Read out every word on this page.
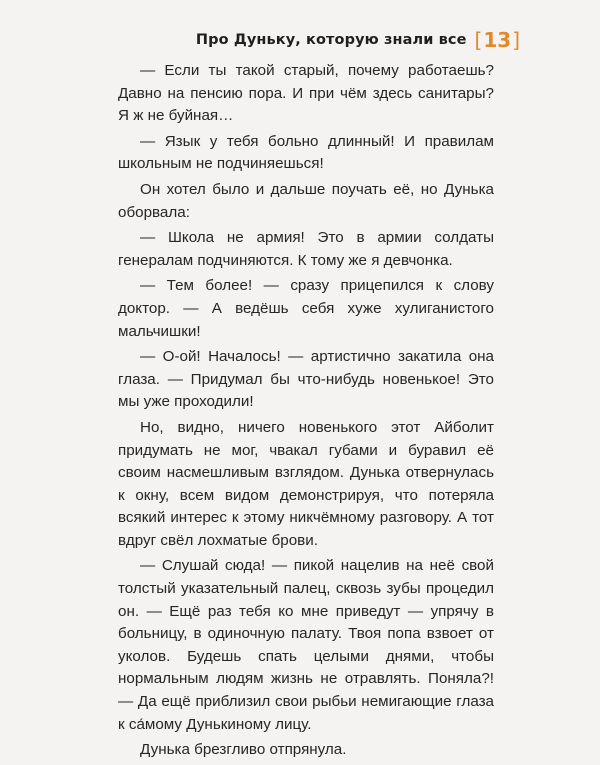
Про Дуньку, которую знали все [ 13 ]

— Если ты такой старый, почему работаешь? Давно на пенсию пора. И при чём здесь санитары? Я ж не буйная…

— Язык у тебя больно длинный! И правилам школьным не подчиняешься!

Он хотел было и дальше поучать её, но Дунька оборвала:

— Школа не армия! Это в армии солдаты генералам подчиняются. К тому же я девчонка.

— Тем более! — сразу прицепился к слову доктор. — А ведёшь себя хуже хулиганистого мальчишки!

— О-ой! Началось! — артистично закатила она глаза. — Придумал бы что-нибудь новенькое! Это мы уже проходили!

Но, видно, ничего новенького этот Айболит придумать не мог, чвакал губами и буравил её своим насмешливым взглядом. Дунька отвернулась к окну, всем видом демонстрируя, что потеряла всякий интерес к этому никчёмному разговору. А тот вдруг свёл лохматые брови.

— Слушай сюда! — пикой нацелив на неё свой толстый указательный палец, сквозь зубы процедил он. — Ещё раз тебя ко мне приведут — упрячу в больницу, в одиночную палату. Твоя попа взвоет от уколов. Будешь спать целыми днями, чтобы нормальным людям жизнь не отравлять. Поняла?! — Да ещё приблизил свои рыбьи немигающие глаза к са́мому Дунькиному лицу.

Дунька брезгливо отпрянула.
